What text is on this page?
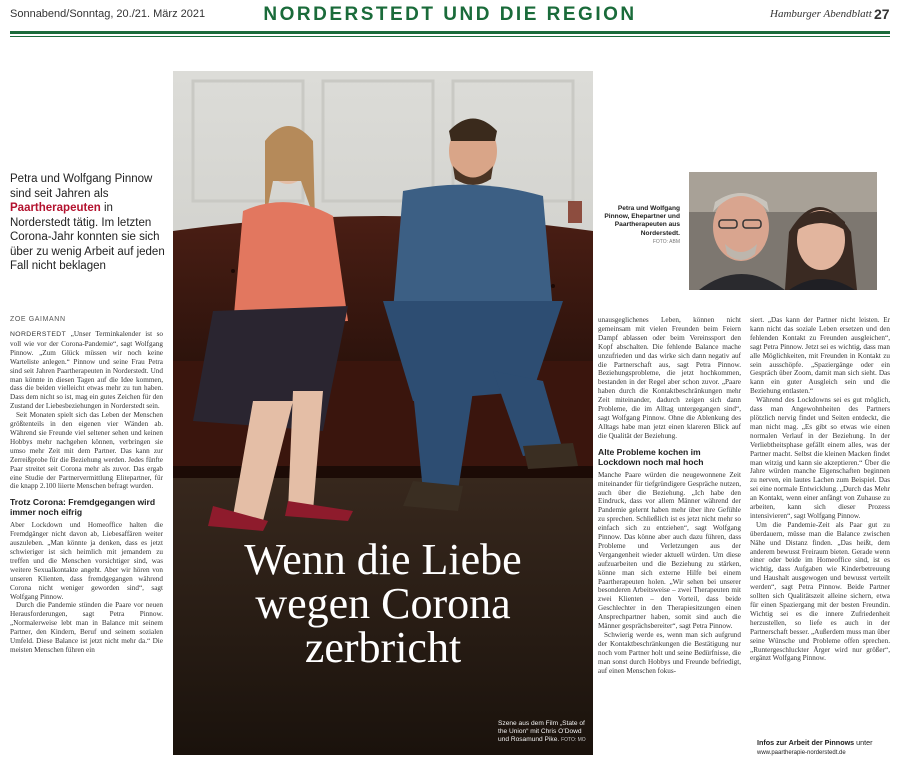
Sonnabend/Sonntag, 20./21. März 2021	NORDERSTEDT UND DIE REGION	Hamburger Abendblatt 27
Petra und Wolfgang Pinnow sind seit Jahren als Paartherapeuten in Norderstedt tätig. Im letzten Corona-Jahr konnten sie sich über zu wenig Arbeit auf jeden Fall nicht beklagen
ZOE GAIMANN

NORDERSTEDT „Unser Terminkalender ist so voll wie vor der Corona-Pandemie“, sagt Wolfgang Pinnow. „Zum Glück müssen wir noch keine Warteliste anlegen.“ Pinnow und seine Frau Petra sind seit Jahren Paartherapeuten in Norderstedt. Und man könnte in diesen Tagen auf die Idee kommen, dass die beiden vielleicht etwas mehr zu tun haben. Dass dem nicht so ist, mag ein gutes Zeichen für den Zustand der Liebesbeziehungen in Norderstedt sein.

Seit Monaten spielt sich das Leben der Menschen größtenteils in den eigenen vier Wänden ab. Während sie Freunde viel seltener sehen und keinen Hobbys mehr nachgehen können, verbringen sie umso mehr Zeit mit dem Partner. Das kann zur Zerreißprobe für die Beziehung werden. Jedes fünfte Paar streitet seit Corona mehr als zuvor. Das ergab eine Studie der Partnervermittlung Elitepartner, für die knapp 2.100 liierte Menschen befragt wurden.

Trotz Corona: Fremdgegangen wird immer noch eifrig

Aber Lockdown und Homeoffice halten die Fremdgänger nicht davon ab, Liebesaffären weiter auszuleben. „Man könnte ja denken, dass es jetzt schwieriger ist sich heimlich mit jemandem zu treffen und die Menschen vorsichtiger sind, was weitere Sexualkontakte angeht. Aber wir hören von unseren Klienten, dass fremdgegangen während Corona nicht weniger geworden sind“, sagt Wolfgang Pinnow.

Durch die Pandemie stünden die Paare vor neuen Herausforderungen, sagt Petra Pinnow. „Normalerweise lebt man in Balance mit seinem Partner, den Kindern, Beruf und seinem sozialen Umfeld. Diese Balance ist jetzt nicht mehr da.“ Die meisten Menschen führen ein

Wenn die Liebe
wegen Corona
zerbricht
Szene aus dem Film „State of the Union“ mit Chris O’Dowd und Rosamund Pike. FOTO: MO
Petra und Wolfgang Pinnow, Ehepartner und Paartherapeuten aus Norderstedt.
FOTO: ABM

unausgeglichenes Leben, können nicht gemeinsam mit vielen Freunden beim Feiern Dampf ablassen oder beim Vereinssport den Kopf abschalten. Die fehlende Balance mache unzufrieden und das wirke sich dann negativ auf die Partnerschaft aus, sagt Petra Pinnow. Beziehungsprobleme, die jetzt hochkommen, bestanden in der Regel aber schon zuvor. „Paare haben durch die Kontaktbeschränkungen mehr Zeit miteinander, dadurch zeigen sich dann Probleme, die im Alltag untergegangen sind“, sagt Wolfgang Pinnow. Ohne die Ablenkung des Alltags habe man jetzt einen klareren Blick auf die Qualität der Beziehung.

Alte Probleme kochen im Lockdown noch mal hoch

Manche Paare würden die neugewonnene Zeit miteinander für tiefgründigere Gespräche nutzen, auch über die Beziehung. „Ich habe den Eindruck, dass vor allem Männer während der Pandemie gelernt haben mehr über ihre Gefühle zu sprechen. Schließlich ist es jetzt nicht mehr so einfach sich zu entziehen“, sagt Wolfgang Pinnow. Das könne aber auch dazu führen, dass Probleme und Verletzungen aus der Vergangenheit wieder aktuell würden. Um diese aufzuarbeiten und die Beziehung zu stärken, könne man sich externe Hilfe bei einem Paartherapeuten holen. „Wir sehen bei unserer besonderen Arbeitsweise – zwei Therapeuten mit zwei Klienten – den Vorteil, dass beide Geschlechter in den Therapiesitzungen einen Ansprechpartner haben, somit sind auch die Männer gesprächsbereiter“, sagt Petra Pinnow.

Schwierig werde es, wenn man sich aufgrund der Kontaktbeschränkungen die Bestätigung nur noch vom Partner holt und seine Bedürfnisse, die man sonst durch Hobbys und Freunde befriedigt, auf einen Menschen fokus-

siert. „Das kann der Partner nicht leisten. Er kann nicht das soziale Leben ersetzen und den fehlenden Kontakt zu Freunden ausgleichen“, sagt Petra Pinnow. Jetzt sei es wichtig, dass man alle Möglichkeiten, mit Freunden in Kontakt zu sein ausschöpfe. „Spaziergänge oder ein Gespräch über Zoom, damit man sich sieht. Das kann ein guter Ausgleich sein und die Beziehung entlasten.“

Während des Lockdowns sei es gut möglich, dass man Angewohnheiten des Partners plötzlich nervig findet und Seiten entdeckt, die man nicht mag. „Es gibt so etwas wie einen normalen Verlauf in der Beziehung. In der Verliebtheitsphase gefällt einem alles, was der Partner macht. Selbst die kleinen Macken findet man witzig und kann sie akzeptieren.“ Über die Jahre würden manche Eigenschaften beginnen zu nerven, ein lautes Lachen zum Beispiel. Das sei eine normale Entwicklung. „Durch das Mehr an Kontakt, wenn einer anfängt von Zuhause zu arbeiten, kann sich dieser Prozess intensivieren“, sagt Wolfgang Pinnow.

Um die Pandemie-Zeit als Paar gut zu überdauern, müsse man die Balance zwischen Nähe und Distanz finden. „Das heißt, dem anderem bewusst Freiraum bieten. Gerade wenn einer oder beide im Homeoffice sind, ist es wichtig, dass Aufgaben wie Kinderbetreuung und Haushalt ausgewogen und bewusst verteilt werden“, sagt Petra Pinnow. Beide Partner sollten sich Qualitätszeit alleine sichern, etwa für einen Spaziergang mit der besten Freundin. Wichtig sei es die innere Zufriedenheit herzustellen, so liefe es auch in der Partnerschaft besser. „Außerdem muss man über seine Wünsche und Probleme offen sprechen. „Runtergeschluckter Ärger wird nur größer“, ergänzt Wolfgang Pinnow.

Infos zur Arbeit der Pinnows unter
www.paartherapie-norderstedt.de
